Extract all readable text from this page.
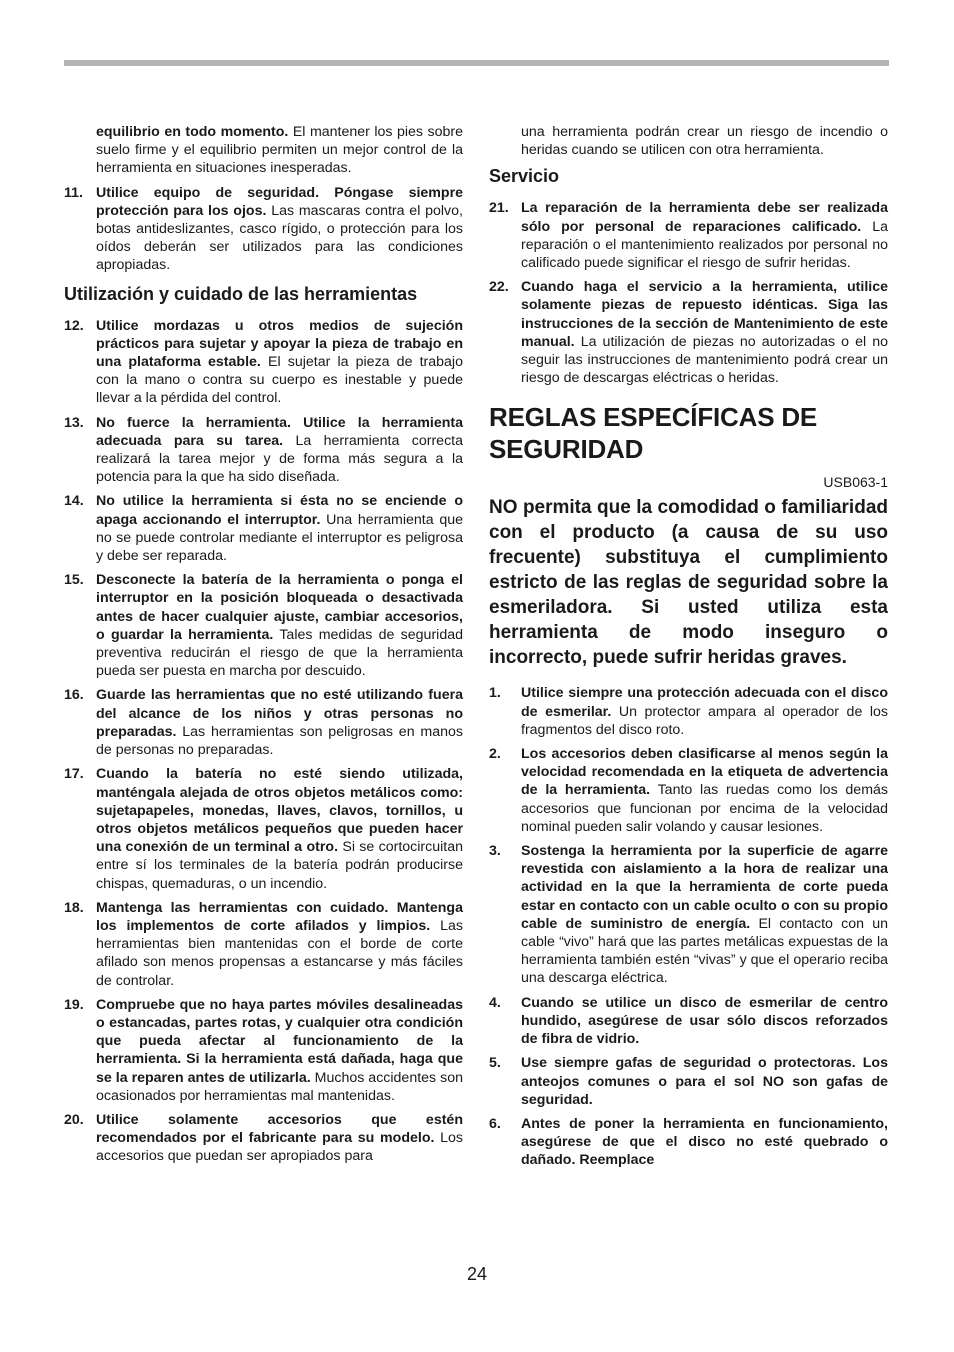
equilibrio en todo momento. El mantener los pies sobre suelo firme y el equilibrio permiten un mejor control de la herramienta en situaciones inesperadas.
11. Utilice equipo de seguridad. Póngase siempre protección para los ojos. Las mascaras contra el polvo, botas antideslizantes, casco rígido, o protección para los oídos deberán ser utilizados para las condiciones apropiadas.
Utilización y cuidado de las herramientas
12. Utilice mordazas u otros medios de sujeción prácticos para sujetar y apoyar la pieza de trabajo en una plataforma estable. El sujetar la pieza de trabajo con la mano o contra su cuerpo es inestable y puede llevar a la pérdida del control.
13. No fuerce la herramienta. Utilice la herramienta adecuada para su tarea. La herramienta correcta realizará la tarea mejor y de forma más segura a la potencia para la que ha sido diseñada.
14. No utilice la herramienta si ésta no se enciende o apaga accionando el interruptor. Una herramienta que no se puede controlar mediante el interruptor es peligrosa y debe ser reparada.
15. Desconecte la batería de la herramienta o ponga el interruptor en la posición bloqueada o desactivada antes de hacer cualquier ajuste, cambiar accesorios, o guardar la herramienta. Tales medidas de seguridad preventiva reducirán el riesgo de que la herramienta pueda ser puesta en marcha por descuido.
16. Guarde las herramientas que no esté utilizando fuera del alcance de los niños y otras personas no preparadas. Las herramientas son peligrosas en manos de personas no preparadas.
17. Cuando la batería no esté siendo utilizada, manténgala alejada de otros objetos metálicos como: sujetapapeles, monedas, llaves, clavos, tornillos, u otros objetos metálicos pequeños que pueden hacer una conexión de un terminal a otro. Si se cortocircuitan entre sí los terminales de la batería podrán producirse chispas, quemaduras, o un incendio.
18. Mantenga las herramientas con cuidado. Mantenga los implementos de corte afilados y limpios. Las herramientas bien mantenidas con el borde de corte afilado son menos propensas a estancarse y más fáciles de controlar.
19. Compruebe que no haya partes móviles desalineadas o estancadas, partes rotas, y cualquier otra condición que pueda afectar al funcionamiento de la herramienta. Si la herramienta está dañada, haga que se la reparen antes de utilizarla. Muchos accidentes son ocasionados por herramientas mal mantenidas.
20. Utilice solamente accesorios que estén recomendados por el fabricante para su modelo. Los accesorios que puedan ser apropiados para
una herramienta podrán crear un riesgo de incendio o heridas cuando se utilicen con otra herramienta.
Servicio
21. La reparación de la herramienta debe ser realizada sólo por personal de reparaciones calificado. La reparación o el mantenimiento realizados por personal no calificado puede significar el riesgo de sufrir heridas.
22. Cuando haga el servicio a la herramienta, utilice solamente piezas de repuesto idénticas. Siga las instrucciones de la sección de Mantenimiento de este manual. La utilización de piezas no autorizadas o el no seguir las instrucciones de mantenimiento podrá crear un riesgo de descargas eléctricas o heridas.
REGLAS ESPECÍFICAS DE SEGURIDAD
USB063-1
NO permita que la comodidad o familiaridad con el producto (a causa de su uso frecuente) substituya el cumplimiento estricto de las reglas de seguridad sobre la esmeriladora. Si usted utiliza esta herramienta de modo inseguro o incorrecto, puede sufrir heridas graves.
1. Utilice siempre una protección adecuada con el disco de esmerilar. Un protector ampara al operador de los fragmentos del disco roto.
2. Los accesorios deben clasificarse al menos según la velocidad recomendada en la etiqueta de advertencia de la herramienta. Tanto las ruedas como los demás accesorios que funcionan por encima de la velocidad nominal pueden salir volando y causar lesiones.
3. Sostenga la herramienta por la superficie de agarre revestida con aislamiento a la hora de realizar una actividad en la que la herramienta de corte pueda estar en contacto con un cable oculto o con su propio cable de suministro de energía. El contacto con un cable “vivo” hará que las partes metálicas expuestas de la herramienta también estén “vivas” y que el operario reciba una descarga eléctrica.
4. Cuando se utilice un disco de esmerilar de centro hundido, asegúrese de usar sólo discos reforzados de fibra de vidrio.
5. Use siempre gafas de seguridad o protectoras. Los anteojos comunes o para el sol NO son gafas de seguridad.
6. Antes de poner la herramienta en funcionamiento, asegúrese de que el disco no esté quebrado o dañado. Reemplace
24
